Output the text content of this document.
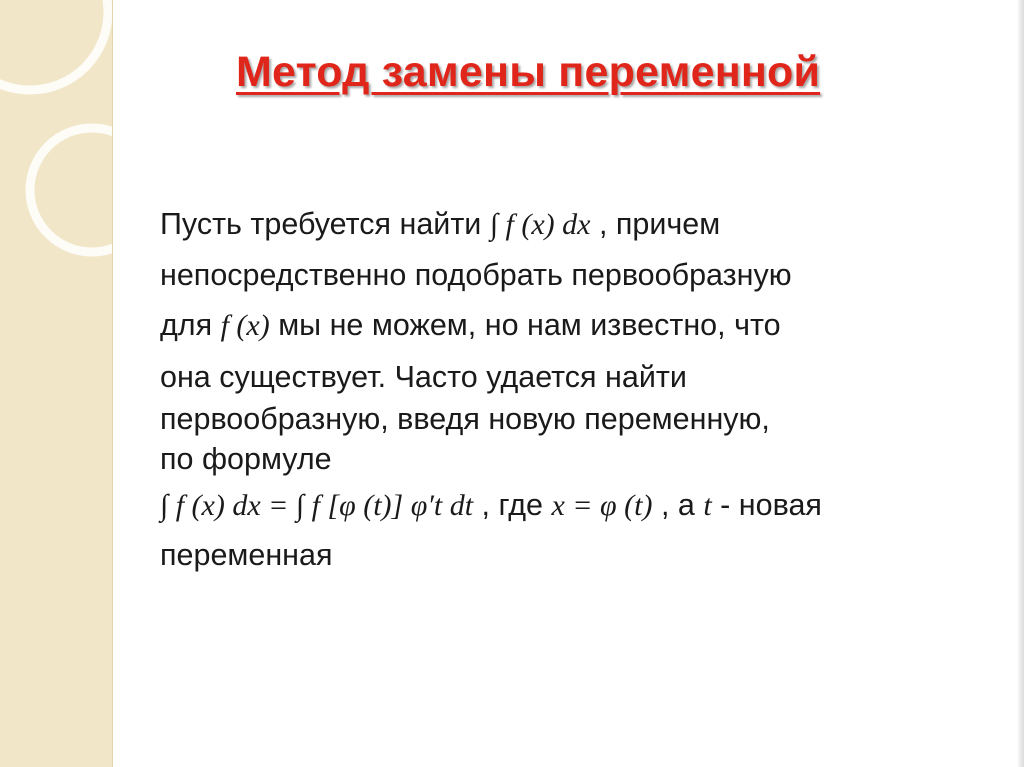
Метод замены переменной
Пусть требуется найти ∫ f (x) dx , причем
непосредственно подобрать первообразную
для f (x) мы не можем, но нам известно, что
она существует. Часто удается найти
первообразную, введя новую переменную,
по формуле
∫ f (x) dx = ∫ f [φ (t)] φ′t dt , где x = φ (t) , а t - новая
переменная
